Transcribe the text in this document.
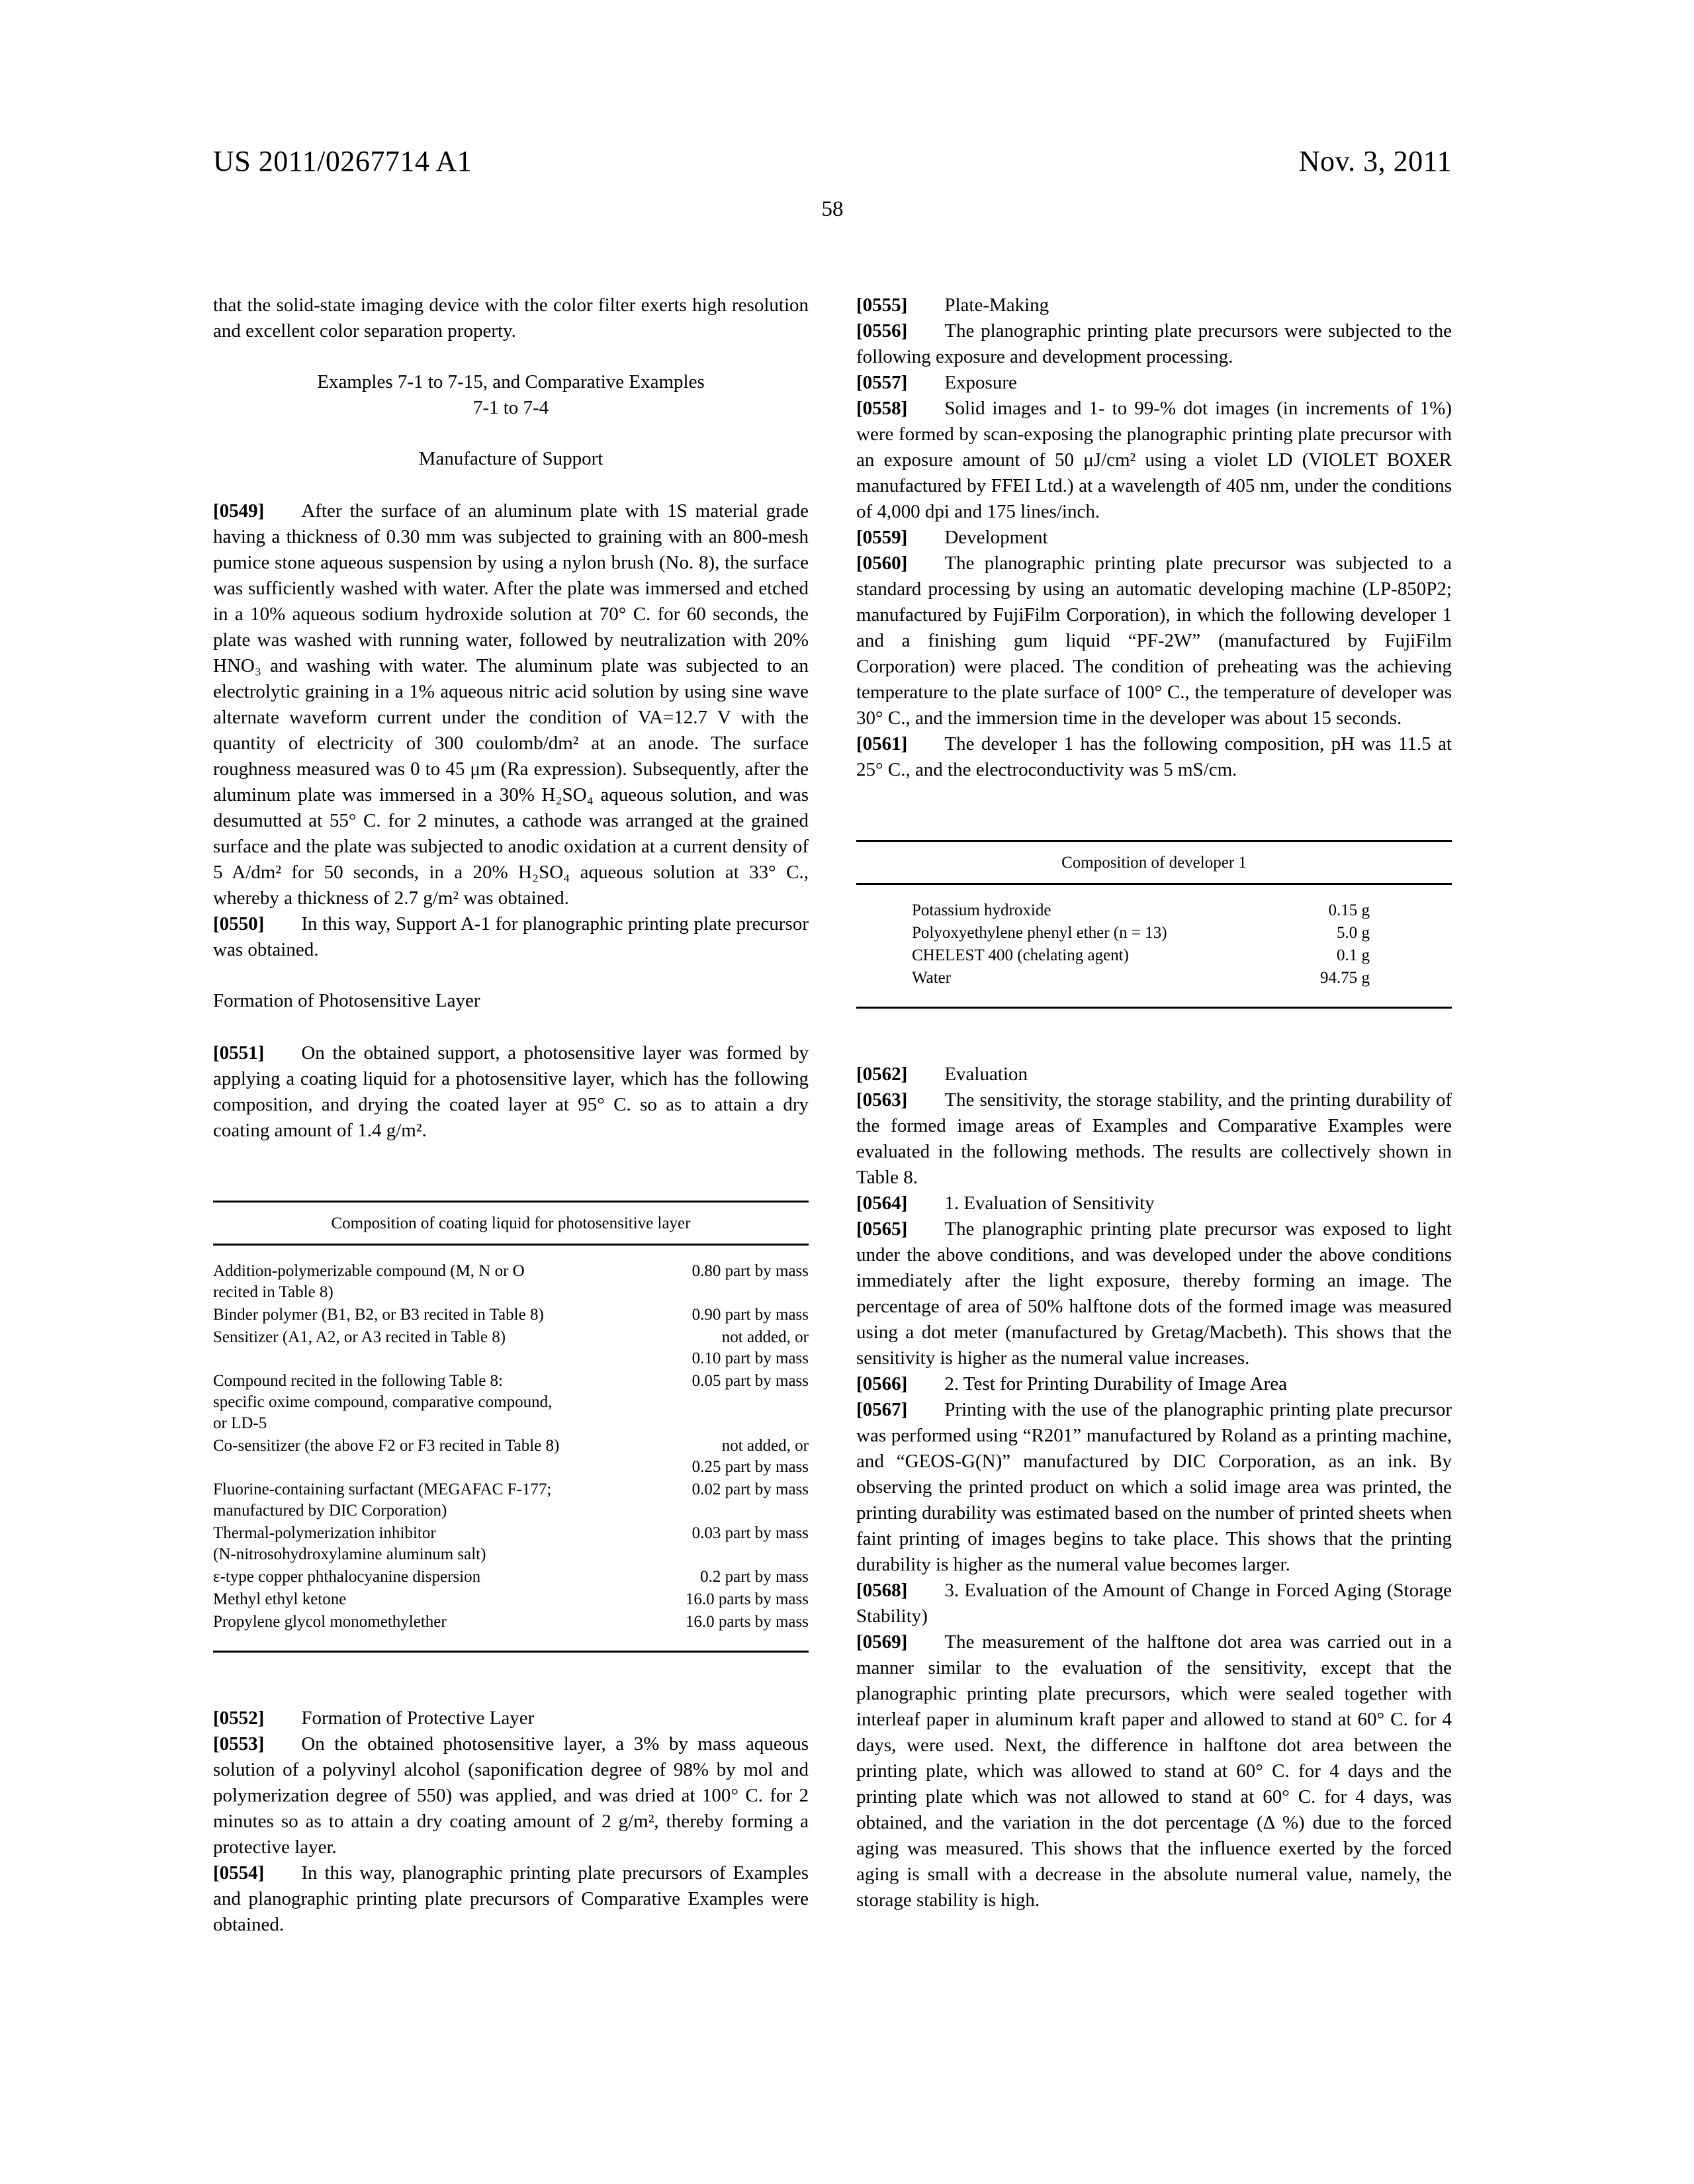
US 2011/0267714 A1	Nov. 3, 2011
58

that the solid-state imaging device with the color filter exerts high resolution and excellent color separation property.

Examples 7-1 to 7-15, and Comparative Examples
7-1 to 7-4
Manufacture of Support

[0549] After the surface of an aluminum plate with 1S material grade having a thickness of 0.30 mm was subjected to graining with an 800-mesh pumice stone aqueous suspension by using a nylon brush (No. 8), the surface was sufficiently washed with water. After the plate was immersed and etched in a 10% aqueous sodium hydroxide solution at 70° C. for 60 seconds, the plate was washed with running water, followed by neutralization with 20% HNO₃ and washing with water. The aluminum plate was subjected to an electrolytic graining in a 1% aqueous nitric acid solution by using sine wave alternate waveform current under the condition of VA=12.7 V with the quantity of electricity of 300 coulomb/dm² at an anode. The surface roughness measured was 0 to 45 μm (Ra expression). Subsequently, after the aluminum plate was immersed in a 30% H₂SO₄ aqueous solution, and was desumutted at 55° C. for 2 minutes, a cathode was arranged at the grained surface and the plate was subjected to anodic oxidation at a current density of 5 A/dm² for 50 seconds, in a 20% H₂SO₄ aqueous solution at 33° C., whereby a thickness of 2.7 g/m² was obtained.

[0550] In this way, Support A-1 for planographic printing plate precursor was obtained.

Formation of Photosensitive Layer

[0551] On the obtained support, a photosensitive layer was formed by applying a coating liquid for a photosensitive layer, which has the following composition, and drying the coated layer at 95° C. so as to attain a dry coating amount of 1.4 g/m².

Composition of coating liquid for photosensitive layer
Addition-polymerizable compound (M, N or O
recited in Table 8)	0.80 part by mass
Binder polymer (B1, B2, or B3 recited in Table 8)	0.90 part by mass
Sensitizer (A1, A2, or A3 recited in Table 8)	not added, or
0.10 part by mass
Compound recited in the following Table 8:
specific oxime compound, comparative compound,
or LD-5	0.05 part by mass
Co-sensitizer (the above F2 or F3 recited in Table 8)	not added, or
0.25 part by mass
Fluorine-containing surfactant (MEGAFAC F-177;
manufactured by DIC Corporation)	0.02 part by mass
Thermal-polymerization inhibitor
(N-nitrosohydroxylamine aluminum salt)	0.03 part by mass
ε-type copper phthalocyanine dispersion	0.2 part by mass
Methyl ethyl ketone	16.0 parts by mass
Propylene glycol monomethylether	16.0 parts by mass

[0552] Formation of Protective Layer

[0553] On the obtained photosensitive layer, a 3% by mass aqueous solution of a polyvinyl alcohol (saponification degree of 98% by mol and polymerization degree of 550) was applied, and was dried at 100° C. for 2 minutes so as to attain a dry coating amount of 2 g/m², thereby forming a protective layer.

[0554] In this way, planographic printing plate precursors of Examples and planographic printing plate precursors of Comparative Examples were obtained.

[0555] Plate-Making

[0556] The planographic printing plate precursors were subjected to the following exposure and development processing.

[0557] Exposure

[0558] Solid images and 1- to 99-% dot images (in increments of 1%) were formed by scan-exposing the planographic printing plate precursor with an exposure amount of 50 μJ/cm² using a violet LD (VIOLET BOXER manufactured by FFEI Ltd.) at a wavelength of 405 nm, under the conditions of 4,000 dpi and 175 lines/inch.

[0559] Development

[0560] The planographic printing plate precursor was subjected to a standard processing by using an automatic developing machine (LP-850P2; manufactured by FujiFilm Corporation), in which the following developer 1 and a finishing gum liquid “PF-2W” (manufactured by FujiFilm Corporation) were placed. The condition of preheating was the achieving temperature to the plate surface of 100° C., the temperature of developer was 30° C., and the immersion time in the developer was about 15 seconds.

[0561] The developer 1 has the following composition, pH was 11.5 at 25° C., and the electroconductivity was 5 mS/cm.

Composition of developer 1
Potassium hydroxide	0.15 g
Polyoxyethylene phenyl ether (n = 13)	5.0 g
CHELEST 400 (chelating agent)	0.1 g
Water	94.75 g

[0562] Evaluation

[0563] The sensitivity, the storage stability, and the printing durability of the formed image areas of Examples and Comparative Examples were evaluated in the following methods. The results are collectively shown in Table 8.

[0564] 1. Evaluation of Sensitivity

[0565] The planographic printing plate precursor was exposed to light under the above conditions, and was developed under the above conditions immediately after the light exposure, thereby forming an image. The percentage of area of 50% halftone dots of the formed image was measured using a dot meter (manufactured by Gretag/Macbeth). This shows that the sensitivity is higher as the numeral value increases.

[0566] 2. Test for Printing Durability of Image Area

[0567] Printing with the use of the planographic printing plate precursor was performed using “R201” manufactured by Roland as a printing machine, and “GEOS-G(N)” manufactured by DIC Corporation, as an ink. By observing the printed product on which a solid image area was printed, the printing durability was estimated based on the number of printed sheets when faint printing of images begins to take place. This shows that the printing durability is higher as the numeral value becomes larger.

[0568] 3. Evaluation of the Amount of Change in Forced Aging (Storage Stability)

[0569] The measurement of the halftone dot area was carried out in a manner similar to the evaluation of the sensitivity, except that the planographic printing plate precursors, which were sealed together with interleaf paper in aluminum kraft paper and allowed to stand at 60° C. for 4 days, were used. Next, the difference in halftone dot area between the printing plate, which was allowed to stand at 60° C. for 4 days and the printing plate which was not allowed to stand at 60° C. for 4 days, was obtained, and the variation in the dot percentage (Δ %) due to the forced aging was measured. This shows that the influence exerted by the forced aging is small with a decrease in the absolute numeral value, namely, the storage stability is high.
